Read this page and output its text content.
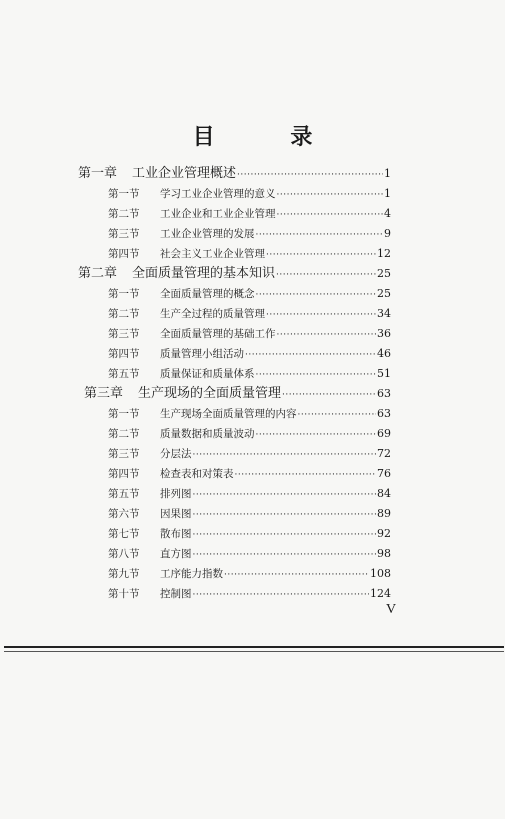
目 录
第一章	工业企业管理概述 ·····	1
第一节	学习工业企业管理的意义 ·····	1
第二节	工业企业和工业企业管理 ·····	4
第三节	工业企业管理的发展 ·····	9
第四节	社会主义工业企业管理 ·····	12
第二章	全面质量管理的基本知识 ·····	25
第一节	全面质量管理的概念 ·····	25
第二节	生产全过程的质量管理 ·····	34
第三节	全面质量管理的基础工作 ·····	36
第四节	质量管理小组活动 ·····	46
第五节	质量保证和质量体系 ·····	51
第三章	生产现场的全面质量管理 ·····	63
第一节	生产现场全面质量管理的内容 ·····	63
第二节	质量数据和质量波动 ·····	69
第三节	分层法 ·····	72
第四节	检查表和对策表 ·····	76
第五节	排列图 ·····	84
第六节	因果图 ·····	89
第七节	散布图 ·····	92
第八节	直方图 ·····	98
第九节	工序能力指数 ·····	108
第十节	控制图 ·····	124
V
